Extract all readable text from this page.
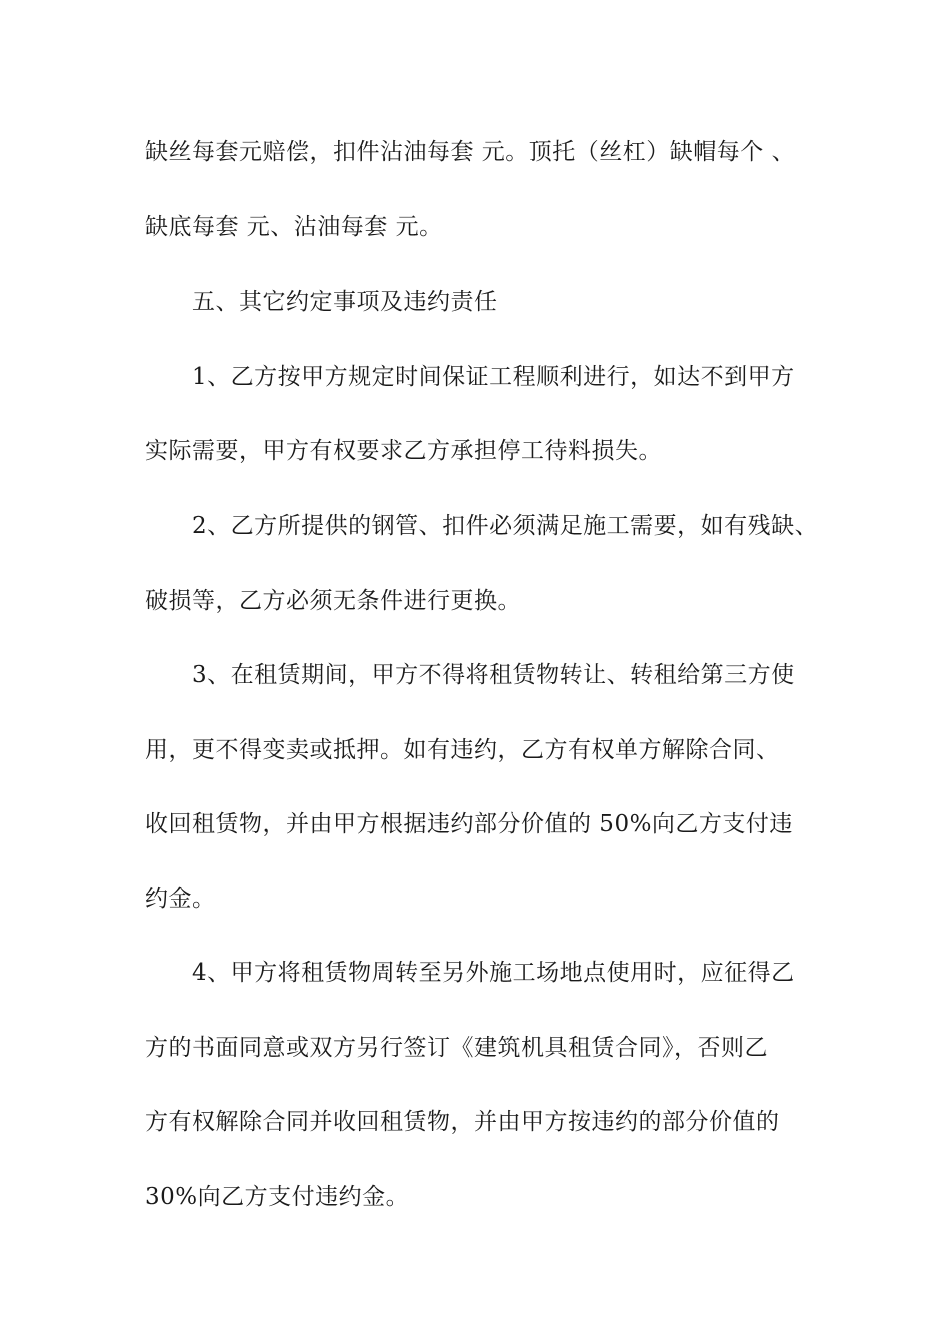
缺丝每套元赔偿，扣件沾油每套 元。顶托（丝杠）缺帽每个 、
缺底每套 元、沾油每套 元。
五、其它约定事项及违约责任
1、乙方按甲方规定时间保证工程顺利进行，如达不到甲方
实际需要，甲方有权要求乙方承担停工待料损失。
2、乙方所提供的钢管、扣件必须满足施工需要，如有残缺、
破损等，乙方必须无条件进行更换。
3、在租赁期间，甲方不得将租赁物转让、转租给第三方使
用，更不得变卖或抵押。如有违约，乙方有权单方解除合同、
收回租赁物，并由甲方根据违约部分价值的 50%向乙方支付违
约金。
4、甲方将租赁物周转至另外施工场地点使用时，应征得乙
方的书面同意或双方另行签订《建筑机具租赁合同》，否则乙
方有权解除合同并收回租赁物，并由甲方按违约的部分价值的
30%向乙方支付违约金。
